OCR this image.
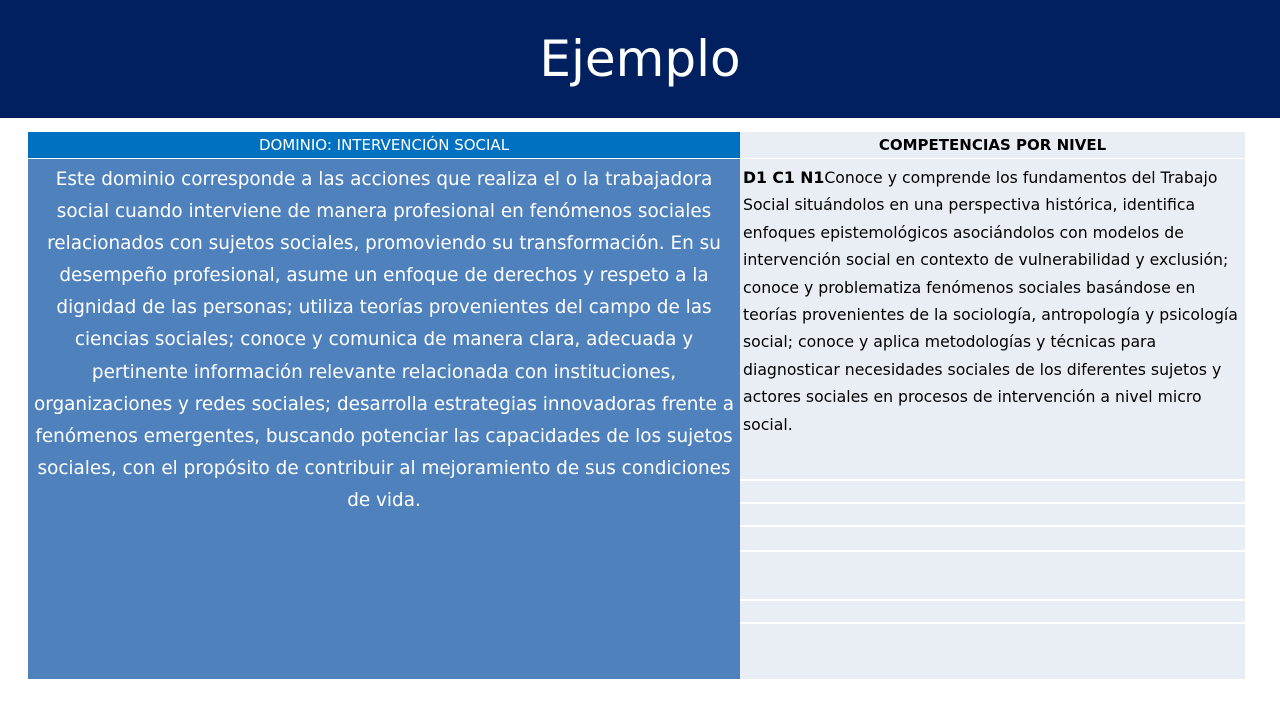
Ejemplo
DOMINIO: INTERVENCIÓN SOCIAL	COMPETENCIAS POR NIVEL
Este dominio corresponde a las acciones que realiza el o la trabajadora social cuando interviene de manera profesional en fenómenos sociales relacionados con sujetos sociales, promoviendo su transformación. En su desempeño profesional, asume un enfoque de derechos y respeto a la dignidad de las personas; utiliza teorías provenientes del campo de las ciencias sociales; conoce y comunica de manera clara, adecuada y pertinente información relevante relacionada con instituciones, organizaciones y redes sociales; desarrolla estrategias innovadoras frente a fenómenos emergentes, buscando potenciar las capacidades de los sujetos sociales, con el propósito de contribuir al mejoramiento de sus condiciones de vida.
D1 C1 N1Conoce y comprende los fundamentos del Trabajo Social situándolos en una perspectiva histórica, identifica enfoques epistemológicos asociándolos con modelos de intervención social en contexto de vulnerabilidad y exclusión; conoce y problematiza fenómenos sociales basándose en teorías provenientes de la sociología, antropología y psicología social; conoce y aplica metodologías y técnicas para diagnosticar necesidades sociales de los diferentes sujetos y actores sociales en procesos de intervención a nivel micro social.
